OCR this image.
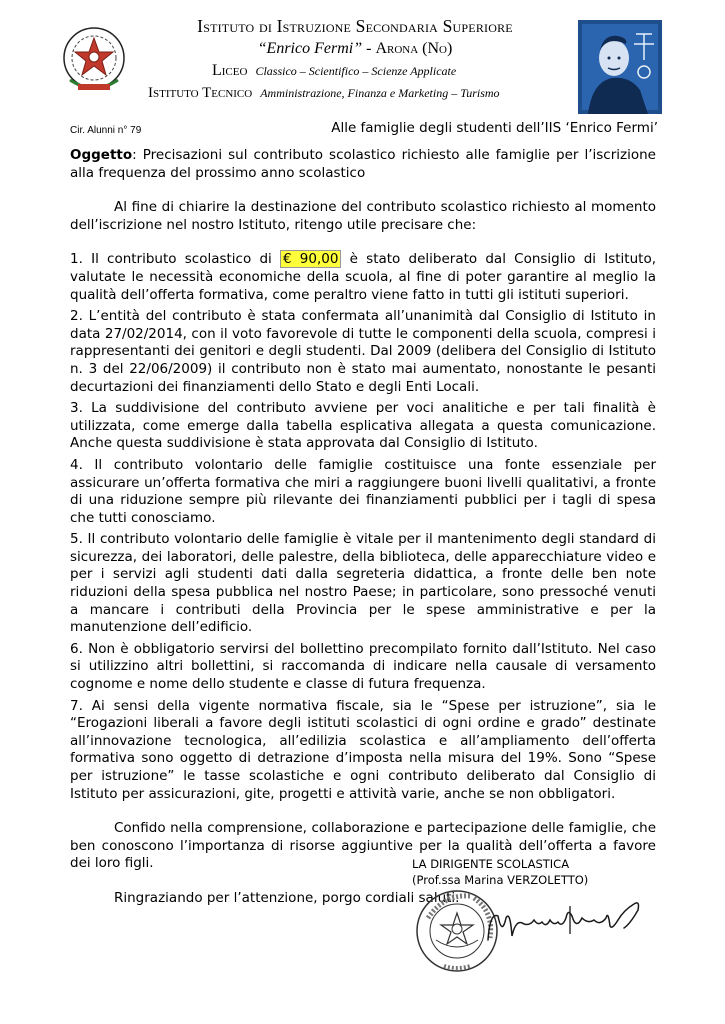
Istituto di Istruzione Secondaria Superiore
“Enrico Fermi” - Arona (No)
Liceo Classico – Scientifico – Scienze Applicate
Istituto Tecnico Amministrazione, Finanza e Marketing – Turismo
Cir. Alunni n° 79	Alle famiglie degli studenti dell’IIS ‘Enrico Fermi’

Oggetto: Precisazioni sul contributo scolastico richiesto alle famiglie per l’iscrizione alla frequenza del prossimo anno scolastico

Al fine di chiarire la destinazione del contributo scolastico richiesto al momento dell’iscrizione nel nostro Istituto, ritengo utile precisare che:

1. Il contributo scolastico di € 90,00 è stato deliberato dal Consiglio di Istituto, valutate le necessità economiche della scuola, al fine di poter garantire al meglio la qualità dell’offerta formativa, come peraltro viene fatto in tutti gli istituti superiori.

2. L’entità del contributo è stata confermata all’unanimità dal Consiglio di Istituto in data 27/02/2014, con il voto favorevole di tutte le componenti della scuola, compresi i rappresentanti dei genitori e degli studenti. Dal 2009 (delibera del Consiglio di Istituto n. 3 del 22/06/2009) il contributo non è stato mai aumentato, nonostante le pesanti decurtazioni dei finanziamenti dello Stato e degli Enti Locali.

3. La suddivisione del contributo avviene per voci analitiche e per tali finalità è utilizzata, come emerge dalla tabella esplicativa allegata a questa comunicazione. Anche questa suddivisione è stata approvata dal Consiglio di Istituto.

4. Il contributo volontario delle famiglie costituisce una fonte essenziale per assicurare un’offerta formativa che miri a raggiungere buoni livelli qualitativi, a fronte di una riduzione sempre più rilevante dei finanziamenti pubblici per i tagli di spesa che tutti conosciamo.

5. Il contributo volontario delle famiglie è vitale per il mantenimento degli standard di sicurezza, dei laboratori, delle palestre, della biblioteca, delle apparecchiature video e per i servizi agli studenti dati dalla segreteria didattica, a fronte delle ben note riduzioni della spesa pubblica nel nostro Paese; in particolare, sono pressoché venuti a mancare i contributi della Provincia per le spese amministrative e per la manutenzione dell’edificio.

6. Non è obbligatorio servirsi del bollettino precompilato fornito dall’Istituto. Nel caso si utilizzino altri bollettini, si raccomanda di indicare nella causale di versamento cognome e nome dello studente e classe di futura frequenza.

7. Ai sensi della vigente normativa fiscale, sia le “Spese per istruzione”, sia le “Erogazioni liberali a favore degli istituti scolastici di ogni ordine e grado” destinate all’innovazione tecnologica, all’edilizia scolastica e all’ampliamento dell’offerta formativa sono oggetto di detrazione d’imposta nella misura del 19%. Sono “Spese per istruzione” le tasse scolastiche e ogni contributo deliberato dal Consiglio di Istituto per assicurazioni, gite, progetti e attività varie, anche se non obbligatori.

Confido nella comprensione, collaborazione e partecipazione delle famiglie, che ben conoscono l’importanza di risorse aggiuntive per la qualità dell’offerta a favore dei loro figli.

Ringraziando per l’attenzione, porgo cordiali saluti.

LA DIRIGENTE SCOLASTICA
(Prof.ssa Marina VERZOLETTO)
